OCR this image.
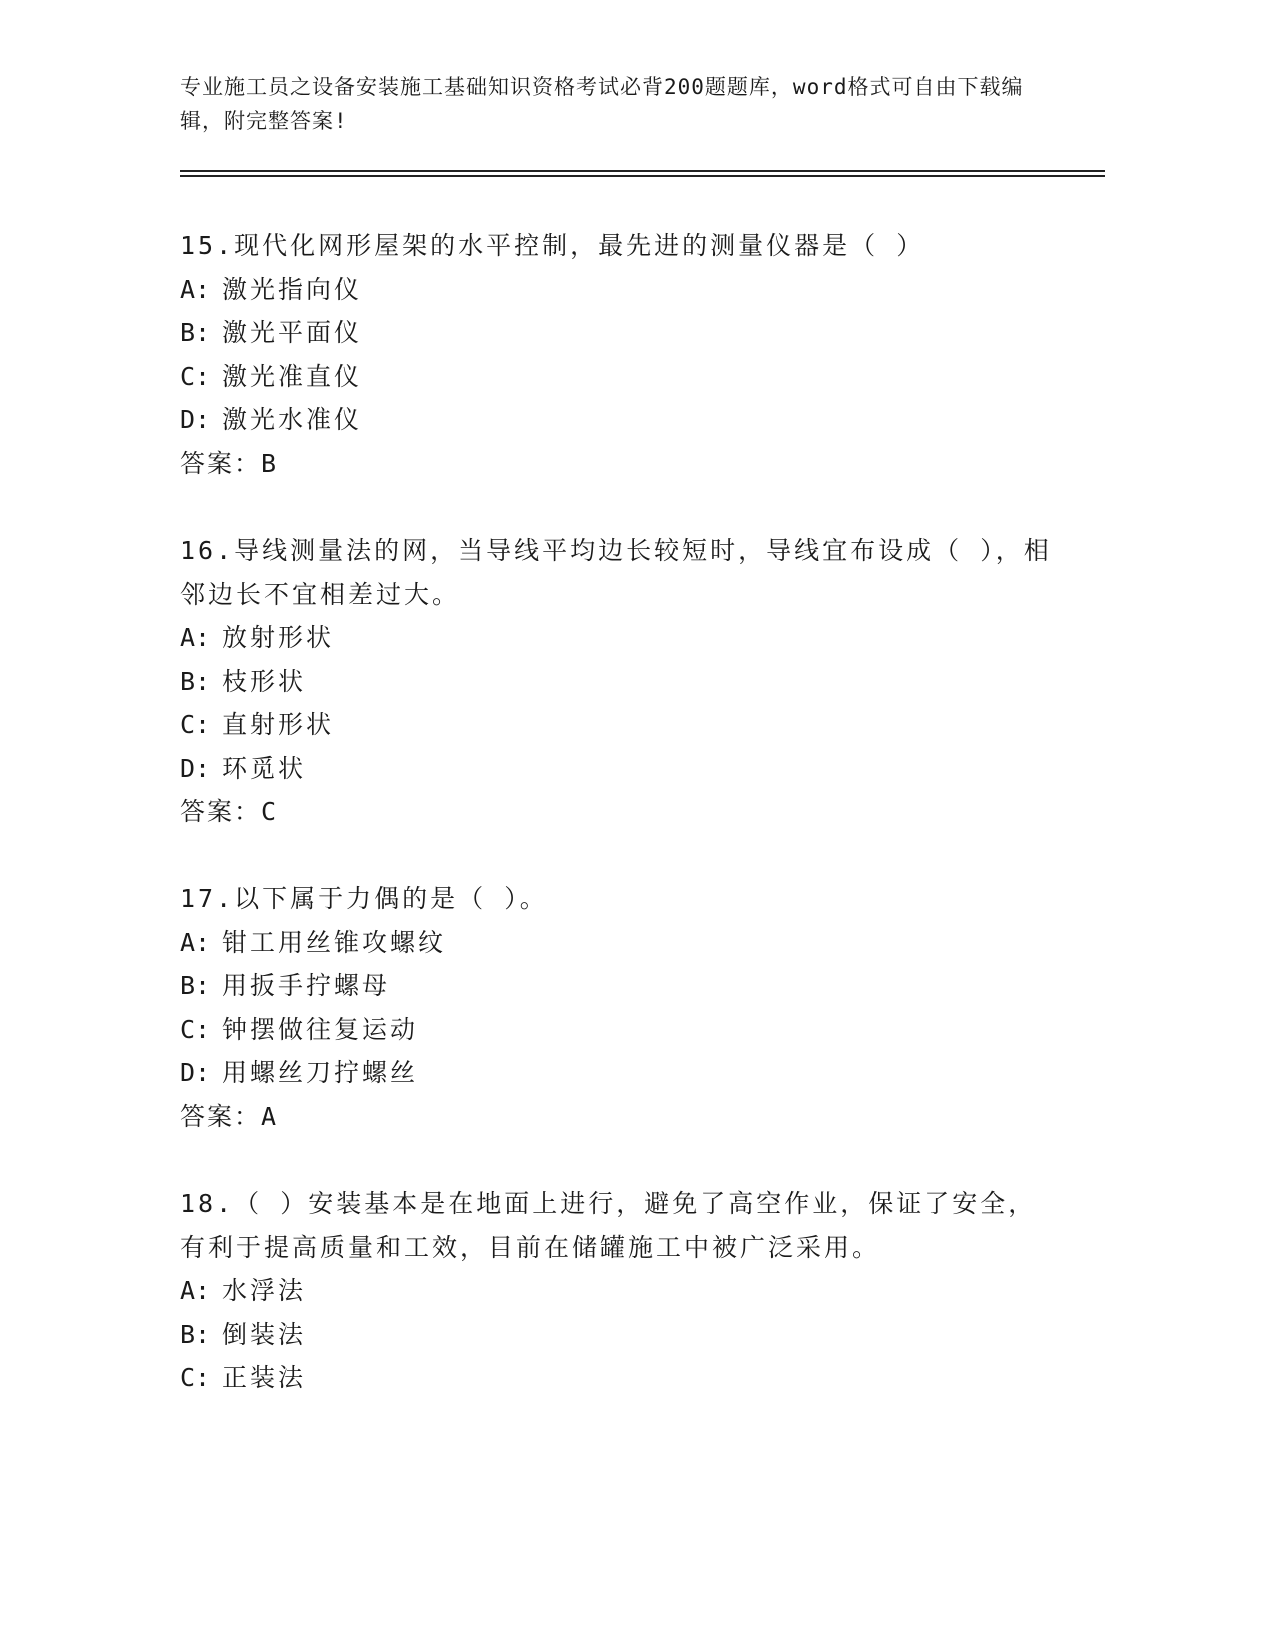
专业施工员之设备安装施工基础知识资格考试必背200题题库，word格式可自由下载编辑，附完整答案!
15.现代化网形屋架的水平控制，最先进的测量仪器是（ ）
A: 激光指向仪
B: 激光平面仪
C: 激光准直仪
D: 激光水准仪
答案：B
16.导线测量法的网，当导线平均边长较短时，导线宜布设成（ ），相邻边长不宜相差过大。
A: 放射形状
B: 枝形状
C: 直射形状
D: 环觅状
答案：C
17.以下属于力偶的是（ ）。
A: 钳工用丝锥攻螺纹
B: 用扳手拧螺母
C: 钟摆做往复运动
D: 用螺丝刀拧螺丝
答案：A
18.（ ）安装基本是在地面上进行，避免了高空作业，保证了安全，有利于提高质量和工效，目前在储罐施工中被广泛采用。
A: 水浮法
B: 倒装法
C: 正装法
